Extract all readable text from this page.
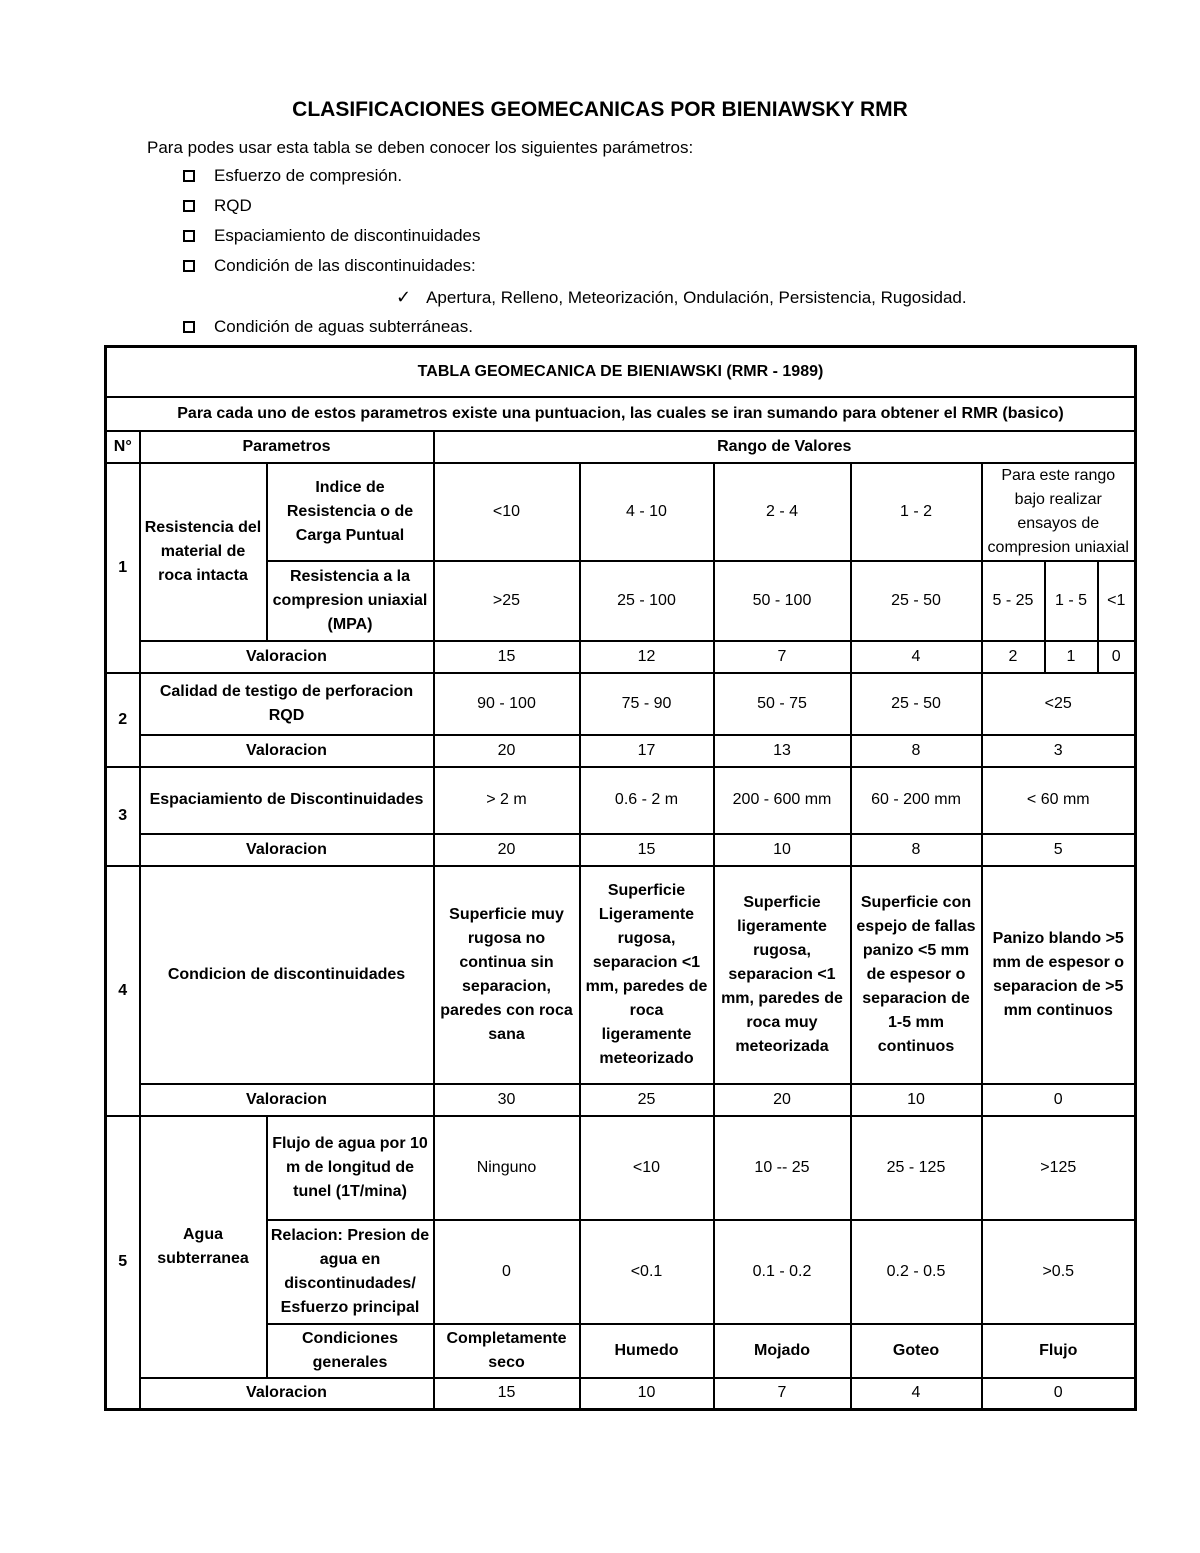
CLASIFICACIONES GEOMECANICAS POR BIENIAWSKY RMR
Para podes usar esta tabla se deben conocer los siguientes parámetros:
Esfuerzo de compresión.
RQD
Espaciamiento de discontinuidades
Condición de las discontinuidades:
✓ Apertura, Relleno, Meteorización, Ondulación, Persistencia, Rugosidad.
Condición de aguas subterráneas.
TABLA GEOMECANICA DE BIENIAWSKI (RMR - 1989)									
Para cada uno de estos parametros existe una puntuacion, las cuales se iran sumando para obtener el RMR (basico)									
N°	Parametros		Rango de Valores						
1	Resistencia del material de roca intacta	Indice de Resistencia o de Carga Puntual	<10	4 - 10	2 - 4	1 - 2	Para este rango bajo realizar ensayos de compresion uniaxial		
		Resistencia a la compresion uniaxial (MPA)	>25	25 - 100	50 - 100	25 - 50	5 - 25	1 - 5	<1
	Valoracion		15	12	7	4	2	1	0
2	Calidad de testigo de perforacion RQD		90 - 100	75 - 90	50 - 75	25 - 50	<25		
	Valoracion		20	17	13	8	3		
3	Espaciamiento de Discontinuidades		> 2 m	0.6 - 2 m	200 - 600 mm	60 - 200 mm	< 60 mm		
	Valoracion		20	15	10	8	5		
4	Condicion de discontinuidades		Superficie muy rugosa no continua sin separacion, paredes con roca sana	Superficie Ligeramente rugosa, separacion <1 mm, paredes de roca ligeramente meteorizado	Superficie ligeramente rugosa, separacion <1 mm, paredes de roca muy meteorizada	Superficie con espejo de fallas panizo <5 mm de espesor o separacion de 1-5 mm continuos	Panizo blando >5 mm de espesor o separacion de >5 mm continuos		
	Valoracion		30	25	20	10	0		
5	Agua subterranea	Flujo de agua por 10 m de longitud de tunel (1T/mina)	Ninguno	<10	10 -- 25	25 - 125	>125		
		Relacion: Presion de agua en discontinudades/ Esfuerzo principal	0	<0.1	0.1 - 0.2	0.2 - 0.5	>0.5		
		Condiciones generales	Completamente seco	Humedo	Mojado	Goteo	Flujo		
	Valoracion		15	10	7	4	0		
